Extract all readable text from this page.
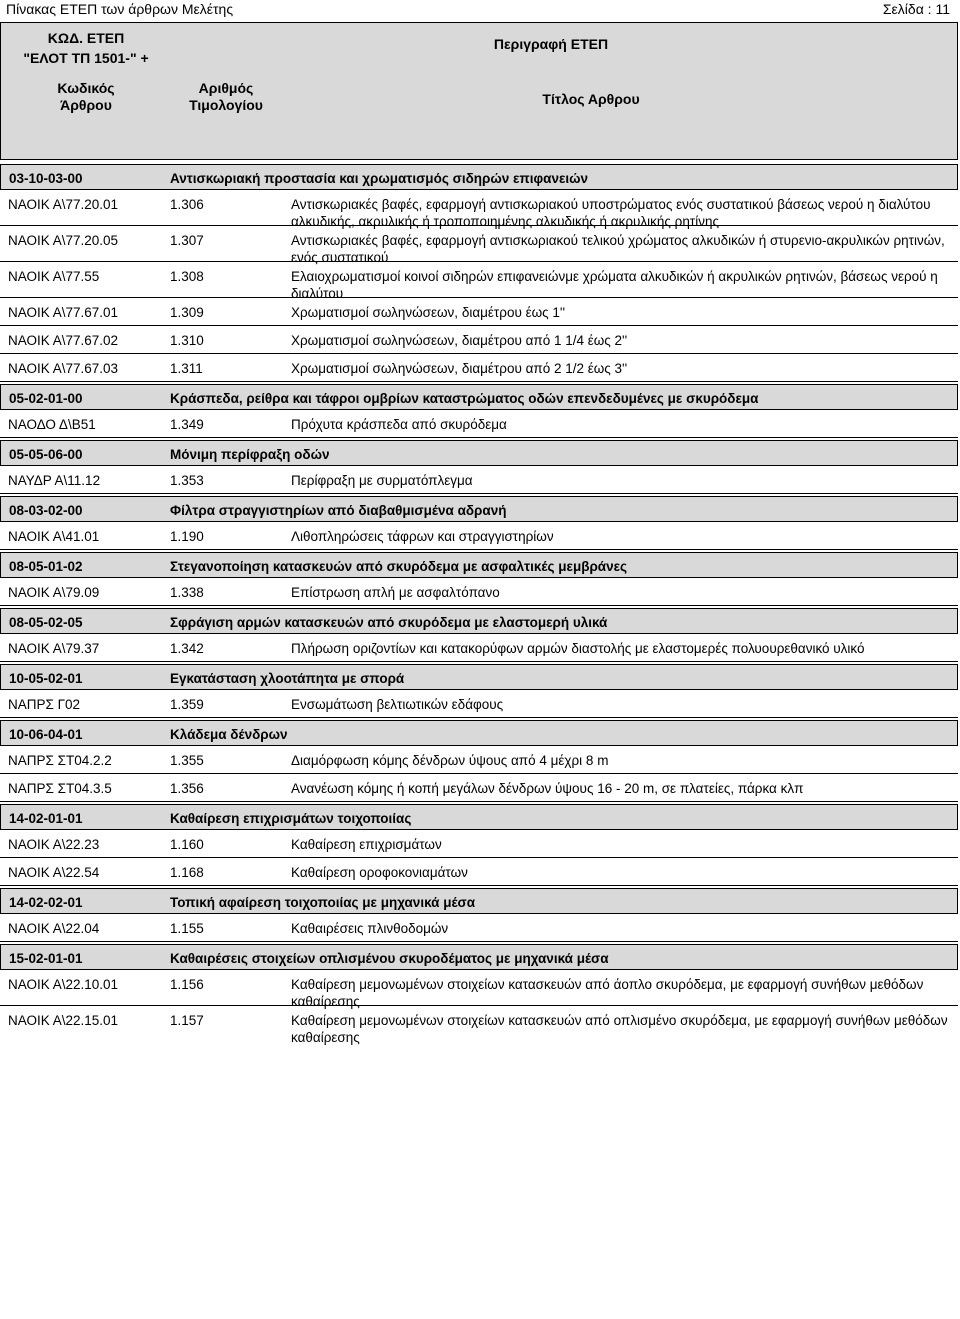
Πίνακας ΕΤΕΠ των άρθρων Μελέτης	Σελίδα : 11
ΚΩΔ. ΕΤΕΠ
"ΕΛΟΤ ΤΠ 1501-" +
Περιγραφή ΕΤΕΠ
Κωδικός
Άρθρου
Αριθμός
Τιμολογίου	Τίτλος Αρθρου
03-10-03-00	Αντισκωριακή προστασία και χρωματισμός σιδηρών επιφανειών
ΝΑΟΙΚ Α\77.20.01	1.306	Αντισκωριακές βαφές, εφαρμογή αντισκωριακού υποστρώματος ενός συστατικού βάσεως νερού η διαλύτου αλκυδικής, ακρυλικής ή τροποποιημένης αλκυδικής ή ακρυλικής ρητίνης
ΝΑΟΙΚ Α\77.20.05	1.307	Αντισκωριακές βαφές, εφαρμογή αντισκωριακού τελικού χρώματος αλκυδικών ή στυρενιο-ακρυλικών ρητινών, ενός συστατικού
ΝΑΟΙΚ Α\77.55	1.308	Ελαιοχρωματισμοί κοινοί σιδηρών επιφανειώνμε χρώματα αλκυδικών ή ακρυλικών ρητινών, βάσεως νερού η διαλύτου
ΝΑΟΙΚ Α\77.67.01	1.309	Χρωματισμοί σωληνώσεων, διαμέτρου έως 1''
ΝΑΟΙΚ Α\77.67.02	1.310	Χρωματισμοί σωληνώσεων, διαμέτρου από 1 1/4 έως 2''
ΝΑΟΙΚ Α\77.67.03	1.311	Χρωματισμοί σωληνώσεων, διαμέτρου από 2 1/2 έως 3''
05-02-01-00	Κράσπεδα, ρείθρα και τάφροι ομβρίων καταστρώματος οδών επενδεδυμένες με σκυρόδεμα
ΝΑΟΔΟ Δ\Β51	1.349	Πρόχυτα κράσπεδα από σκυρόδεμα
05-05-06-00	Μόνιμη περίφραξη οδών
ΝΑΥΔΡ Α\11.12	1.353	Περίφραξη με συρματόπλεγμα
08-03-02-00	Φίλτρα στραγγιστηρίων από διαβαθμισμένα αδρανή
ΝΑΟΙΚ Α\41.01	1.190	Λιθοπληρώσεις τάφρων και στραγγιστηρίων
08-05-01-02	Στεγανοποίηση κατασκευών από σκυρόδεμα με ασφαλτικές μεμβράνες
ΝΑΟΙΚ Α\79.09	1.338	Επίστρωση απλή με ασφαλτόπανο
08-05-02-05	Σφράγιση αρμών κατασκευών από σκυρόδεμα με ελαστομερή υλικά
ΝΑΟΙΚ Α\79.37	1.342	Πλήρωση οριζοντίων και κατακορύφων αρμών διαστολής με ελαστομερές πολυουρεθανικό υλικό
10-05-02-01	Εγκατάσταση χλοοτάπητα με σπορά
ΝΑΠΡΣ Γ02	1.359	Ενσωμάτωση βελτιωτικών εδάφους
10-06-04-01	Κλάδεμα δένδρων
ΝΑΠΡΣ ΣΤ04.2.2	1.355	Διαμόρφωση κόμης δένδρων ύψους από 4 μέχρι 8 m
ΝΑΠΡΣ ΣΤ04.3.5	1.356	Ανανέωση κόμης ή κοπή μεγάλων δένδρων ύψους 16 - 20 m, σε πλατείες, πάρκα κλπ
14-02-01-01	Καθαίρεση επιχρισμάτων τοιχοποιίας
ΝΑΟΙΚ Α\22.23	1.160	Καθαίρεση επιχρισμάτων
ΝΑΟΙΚ Α\22.54	1.168	Καθαίρεση οροφοκονιαμάτων
14-02-02-01	Τοπική αφαίρεση τοιχοποιίας με μηχανικά μέσα
ΝΑΟΙΚ Α\22.04	1.155	Καθαιρέσεις πλινθοδομών
15-02-01-01	Καθαιρέσεις στοιχείων οπλισμένου σκυροδέματος με μηχανικά μέσα
ΝΑΟΙΚ Α\22.10.01	1.156	Καθαίρεση μεμονωμένων στοιχείων κατασκευών από άοπλο σκυρόδεμα, με εφαρμογή συνήθων μεθόδων καθαίρεσης
ΝΑΟΙΚ Α\22.15.01	1.157	Καθαίρεση μεμονωμένων στοιχείων κατασκευών από οπλισμένο σκυρόδεμα, με εφαρμογή συνήθων μεθόδων καθαίρεσης
